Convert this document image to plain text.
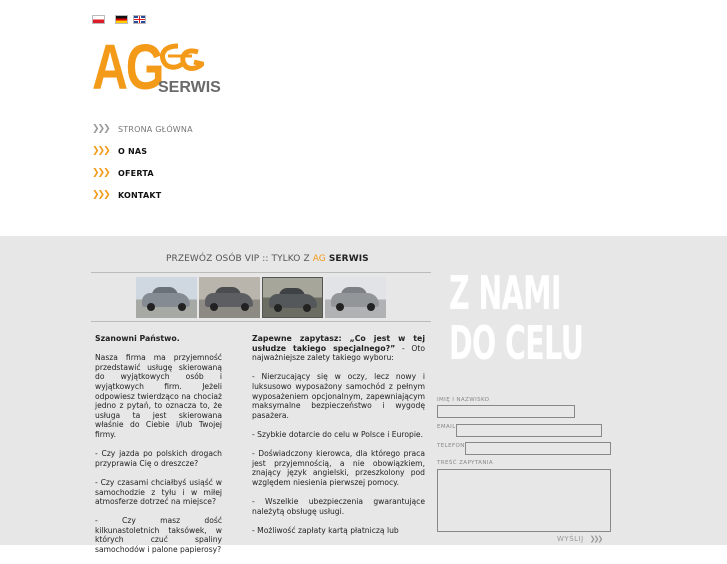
AG
SERWIS
❯ ❯ ❯ STRONA GŁÓWNA
❯ ❯ ❯ O NAS
❯ ❯ ❯ OFERTA
❯ ❯ ❯ KONTAKT
PRZEWÓZ OSÓB VIP :: TYLKO Z AG SERWIS
Szanowni Państwo.
Nasza firma ma przyjemność przedstawić usługę skierowaną do wyjątkowych osób i wyjątkowych firm. Jeżeli odpowiesz twierdząco na chociaż jedno z pytań, to oznacza to, że usługa ta jest skierowana właśnie do Ciebie i/lub Twojej firmy.
- Czy jazda po polskich drogach przyprawia Cię o dreszcze?
- Czy czasami chciałbyś usiąść w samochodzie z tyłu i w miłej atmosferze dotrzeć na miejsce?
- Czy masz dość kilkunastoletnich taksówek, w których czuć spaliny samochodów i palone papierosy?
Zapewne zapytasz: „Co jest w tej usłudze takiego specjalnego?” - Oto najważniejsze zalety takiego wyboru:
- Nierzucający się w oczy, lecz nowy i luksusowo wyposażony samochód z pełnym wyposażeniem opcjonalnym, zapewniającym maksymalne bezpieczeństwo i wygodę pasażera.
- Szybkie dotarcie do celu w Polsce i Europie.
- Doświadczony kierowca, dla którego praca jest przyjemnością, a nie obowiązkiem, znający język angielski, przeszkolony pod względem niesienia pierwszej pomocy.
- Wszelkie ubezpieczenia gwarantujące należytą obsługę usługi.
- Możliwość zapłaty kartą płatniczą lub
Z NAMI
DO CELU
IMIĘ I NAZWISKO
EMAIL
TELEFON
TREŚĆ ZAPYTANIA
WYŚLIJ ❯❯❯
